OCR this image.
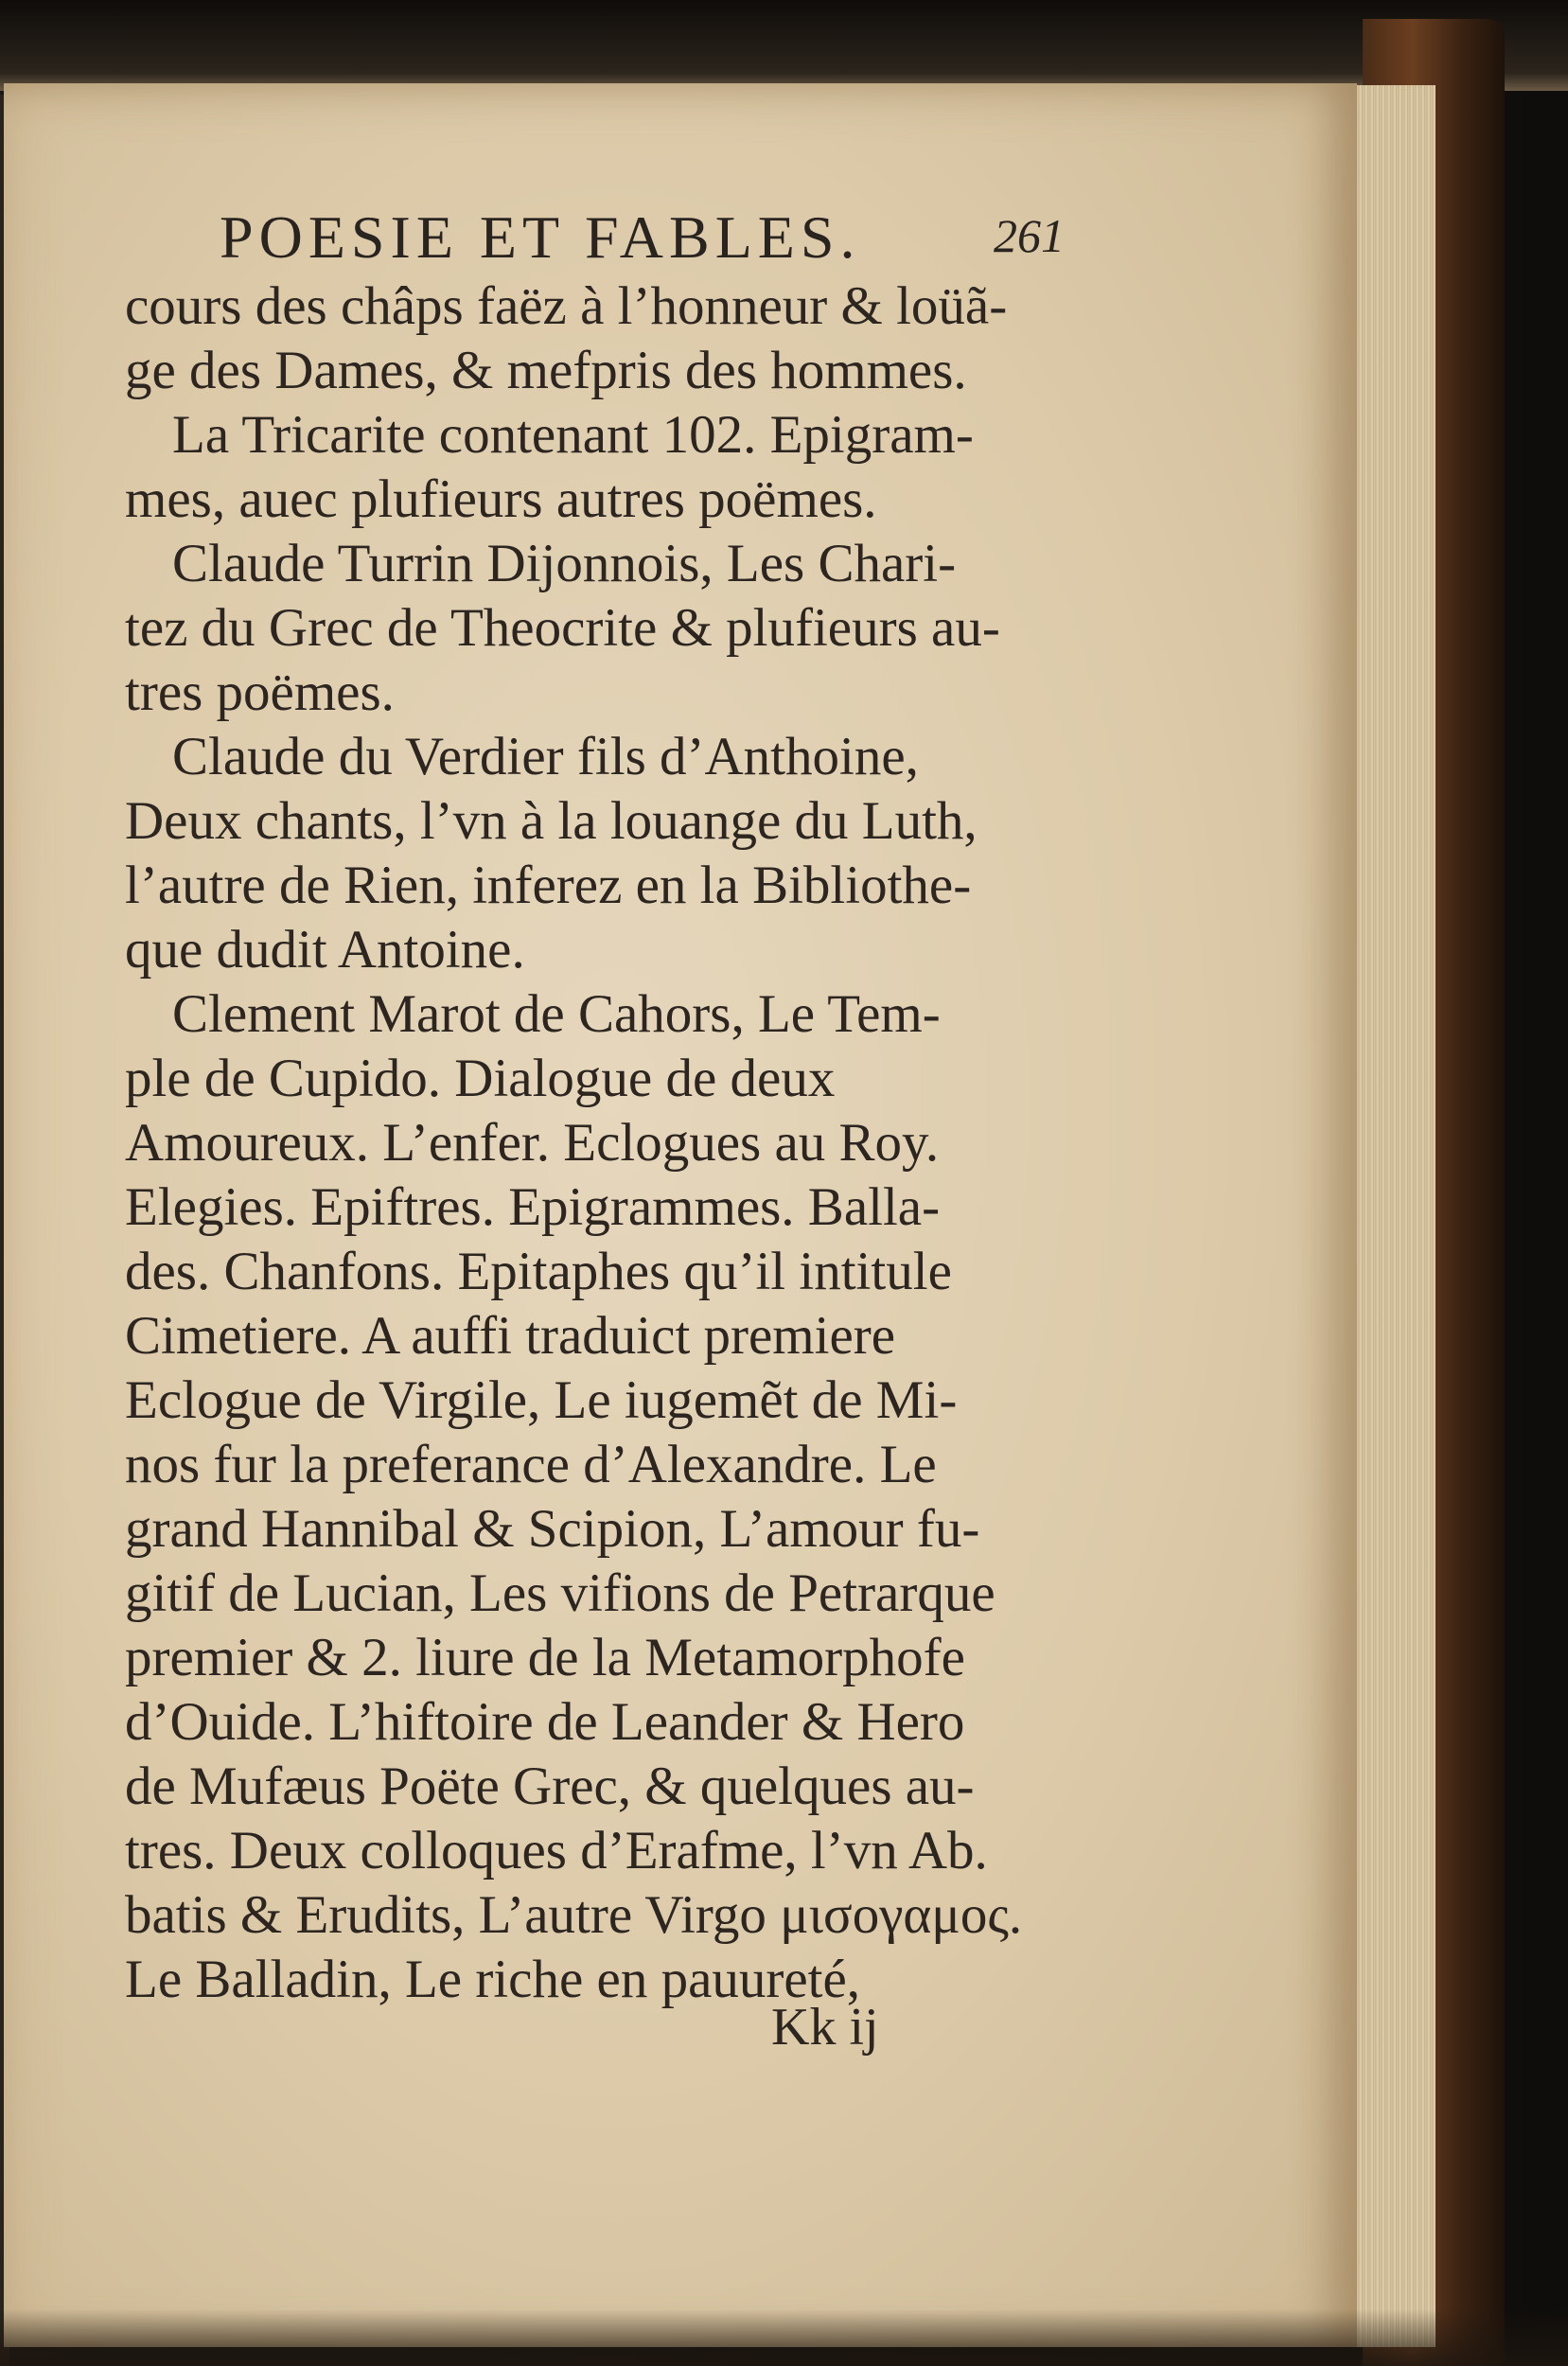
POESIE ET FABLES.	261
cours des châps faëz à l’honneur & loüã-
ge des Dames, & mefpris des hommes.
La Tricarite contenant 102. Epigram-
mes, auec plufieurs autres poëmes.
Claude Turrin Dijonnois, Les Chari-
tez du Grec de Theocrite & plufieurs au-
tres poëmes.
Claude du Verdier fils d’Anthoine,
Deux chants, l’vn à la louange du Luth,
l’autre de Rien, inferez en la Bibliothe-
que dudit Antoine.
Clement Marot de Cahors, Le Tem-
ple de Cupido. Dialogue de deux
Amoureux. L’enfer. Eclogues au Roy.
Elegies. Epiftres. Epigrammes. Balla-
des. Chanfons. Epitaphes qu’il intitule
Cimetiere. A auffi traduict premiere
Eclogue de Virgile, Le iugemẽt de Mi-
nos fur la preferance d’Alexandre. Le
grand Hannibal & Scipion, L’amour fu-
gitif de Lucian, Les vifions de Petrarque
premier & 2. liure de la Metamorphofe
d’Ouide. L’hiftoire de Leander & Hero
de Mufæus Poëte Grec, & quelques au-
tres. Deux colloques d’Erafme, l’vn Ab.
batis & Erudits, L’autre Virgo μισογαμος.
Le Balladin, Le riche en pauureté,
Kk ij
